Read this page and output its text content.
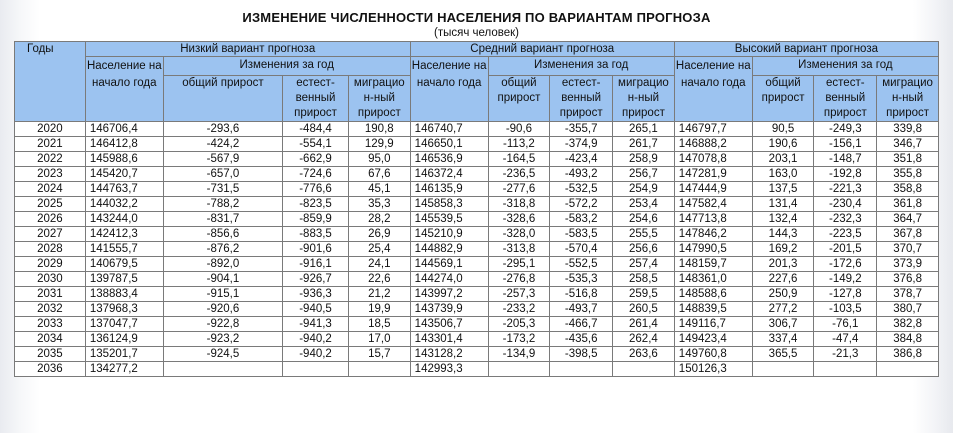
ИЗМЕНЕНИЕ ЧИСЛЕННОСТИ НАСЕЛЕНИЯ ПО ВАРИАНТАМ ПРОГНОЗА
(тысяч человек)
Годы	Низкий вариант прогноза				Средний вариант прогноза				Высокий вариант прогноза			
	Население на начало года	Изменения за год			Население на начало года	Изменения за год			Население на начало года	Изменения за год		
		общий прирост	естест-венный прирост	миграцио н-ный прирост		общий прирост	естест-венный прирост	миграцио н-ный прирост		общий прирост	естест-венный прирост	миграцио н-ный прирост
2020	146706,4	-293,6	-484,4	190,8	146740,7	-90,6	-355,7	265,1	146797,7	90,5	-249,3	339,8
2021	146412,8	-424,2	-554,1	129,9	146650,1	-113,2	-374,9	261,7	146888,2	190,6	-156,1	346,7
2022	145988,6	-567,9	-662,9	95,0	146536,9	-164,5	-423,4	258,9	147078,8	203,1	-148,7	351,8
2023	145420,7	-657,0	-724,6	67,6	146372,4	-236,5	-493,2	256,7	147281,9	163,0	-192,8	355,8
2024	144763,7	-731,5	-776,6	45,1	146135,9	-277,6	-532,5	254,9	147444,9	137,5	-221,3	358,8
2025	144032,2	-788,2	-823,5	35,3	145858,3	-318,8	-572,2	253,4	147582,4	131,4	-230,4	361,8
2026	143244,0	-831,7	-859,9	28,2	145539,5	-328,6	-583,2	254,6	147713,8	132,4	-232,3	364,7
2027	142412,3	-856,6	-883,5	26,9	145210,9	-328,0	-583,5	255,5	147846,2	144,3	-223,5	367,8
2028	141555,7	-876,2	-901,6	25,4	144882,9	-313,8	-570,4	256,6	147990,5	169,2	-201,5	370,7
2029	140679,5	-892,0	-916,1	24,1	144569,1	-295,1	-552,5	257,4	148159,7	201,3	-172,6	373,9
2030	139787,5	-904,1	-926,7	22,6	144274,0	-276,8	-535,3	258,5	148361,0	227,6	-149,2	376,8
2031	138883,4	-915,1	-936,3	21,2	143997,2	-257,3	-516,8	259,5	148588,6	250,9	-127,8	378,7
2032	137968,3	-920,6	-940,5	19,9	143739,9	-233,2	-493,7	260,5	148839,5	277,2	-103,5	380,7
2033	137047,7	-922,8	-941,3	18,5	143506,7	-205,3	-466,7	261,4	149116,7	306,7	-76,1	382,8
2034	136124,9	-923,2	-940,2	17,0	143301,4	-173,2	-435,6	262,4	149423,4	337,4	-47,4	384,8
2035	135201,7	-924,5	-940,2	15,7	143128,2	-134,9	-398,5	263,6	149760,8	365,5	-21,3	386,8
2036	134277,2				142993,3				150126,3			
